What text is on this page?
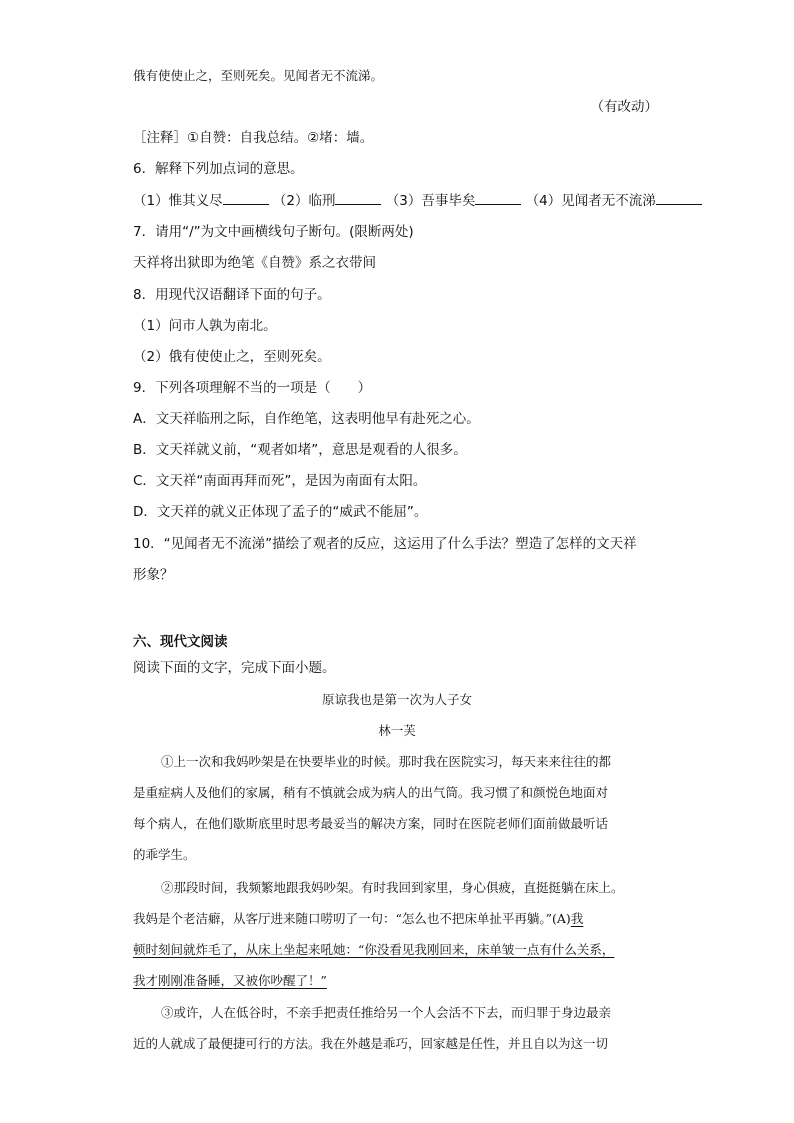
俄有使使止之，至则死矣。见闻者无不流涕。
（有改动）
［注释］①自赞：自我总结。②堵：墙。
6．解释下列加点词的意思。
（1）惟其义尽	（2）临刑	（3）吾事毕矣	（4）见闻者无不流涕
7．请用“/”为文中画横线句子断句。(限断两处)
天祥将出狱即为绝笔《自赞》系之衣带间
8．用现代汉语翻译下面的句子。
（1）问市人孰为南北。
（2）俄有使使止之，至则死矣。
9．下列各项理解不当的一项是（　　）
A．文天祥临刑之际，自作绝笔，这表明他早有赴死之心。
B．文天祥就义前，“观者如堵”，意思是观看的人很多。
C．文天祥“南面再拜而死”，是因为南面有太阳。
D．文天祥的就义正体现了孟子的“威武不能屈”。
10．“见闻者无不流涕”描绘了观者的反应，这运用了什么手法？塑造了怎样的文天祥
形象？
六、现代文阅读
阅读下面的文字，完成下面小题。
原谅我也是第一次为人子女
林一芙
①上一次和我妈吵架是在快要毕业的时候。那时我在医院实习，每天来来往往的都
是重症病人及他们的家属，稍有不慎就会成为病人的出气筒。我习惯了和颜悦色地面对
每个病人，在他们歇斯底里时思考最妥当的解决方案，同时在医院老师们面前做最听话
的乖学生。
②那段时间，我频繁地跟我妈吵架。有时我回到家里，身心俱疲，直挺挺躺在床上。
我妈是个老洁癖，从客厅进来随口唠叨了一句：“怎么也不把床单扯平再躺。”(A)我
顿时刻间就炸毛了，从床上坐起来吼她：“你没看见我刚回来，床单皱一点有什么关系，
我才刚刚准备睡，又被你吵醒了！”
③或许，人在低谷时，不亲手把责任推给另一个人会活不下去，而归罪于身边最亲
近的人就成了最便捷可行的方法。我在外越是乖巧，回家越是任性，并且自以为这一切
